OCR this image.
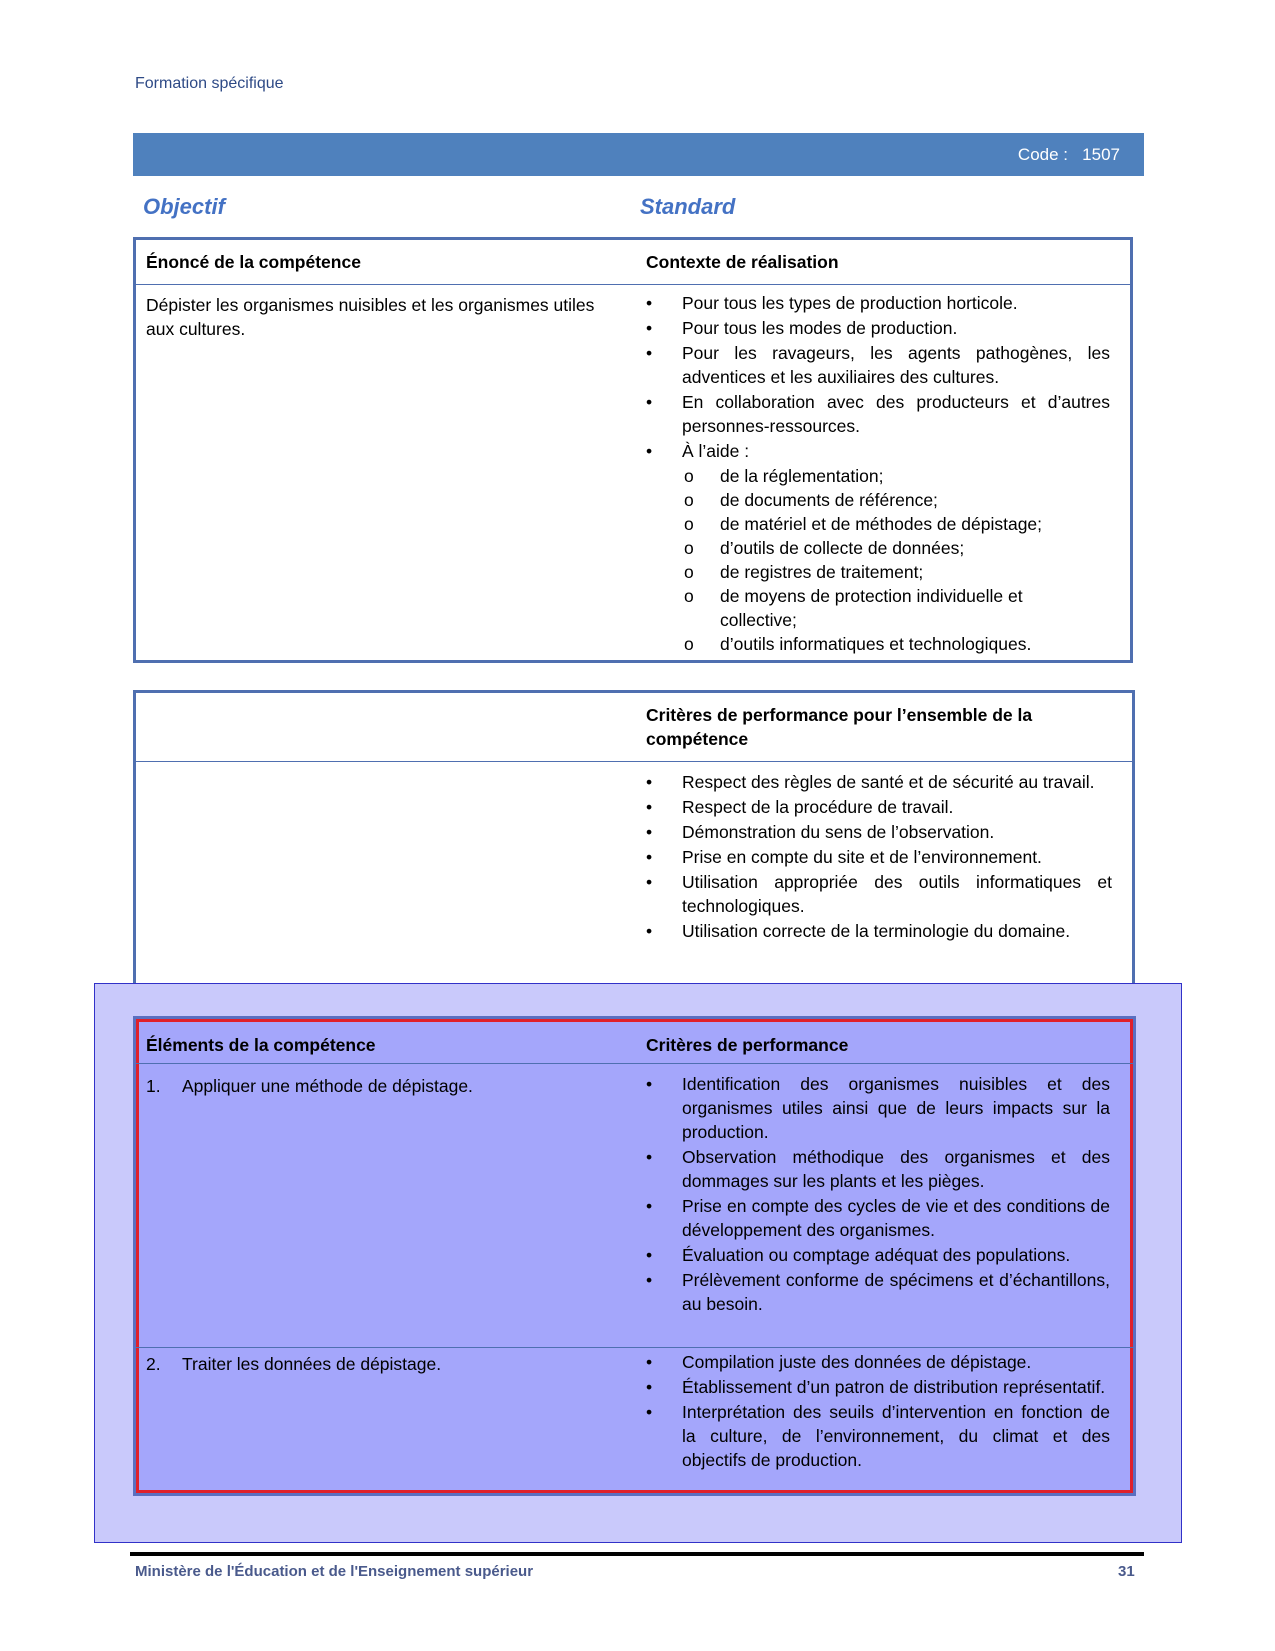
Formation spécifique
Code :   1507
Objectif	Standard
Énoncé de la compétence	Contexte de réalisation
Dépister les organismes nuisibles et les organismes utiles aux cultures.
• Pour tous les types de production horticole.
• Pour tous les modes de production.
• Pour les ravageurs, les agents pathogènes, les adventices et les auxiliaires des cultures.
• En collaboration avec des producteurs et d’autres personnes-ressources.
• À l’aide :
o de la réglementation;
o de documents de référence;
o de matériel et de méthodes de dépistage;
o d’outils de collecte de données;
o de registres de traitement;
o de moyens de protection individuelle et collective;
o d’outils informatiques et technologiques.
Critères de performance pour l’ensemble de la compétence
• Respect des règles de santé et de sécurité au travail.
• Respect de la procédure de travail.
• Démonstration du sens de l’observation.
• Prise en compte du site et de l’environnement.
• Utilisation appropriée des outils informatiques et technologiques.
• Utilisation correcte de la terminologie du domaine.
Éléments de la compétence	Critères de performance
1. Appliquer une méthode de dépistage.	• Identification des organismes nuisibles et des organismes utiles ainsi que de leurs impacts sur la production.
• Observation méthodique des organismes et des dommages sur les plants et les pièges.
• Prise en compte des cycles de vie et des conditions de développement des organismes.
• Évaluation ou comptage adéquat des populations.
• Prélèvement conforme de spécimens et d’échantillons, au besoin.
2. Traiter les données de dépistage.	• Compilation juste des données de dépistage.
• Établissement d’un patron de distribution représentatif.
• Interprétation des seuils d’intervention en fonction de la culture, de l’environnement, du climat et des objectifs de production.
Ministère de l'Éducation et de l'Enseignement supérieur	31
